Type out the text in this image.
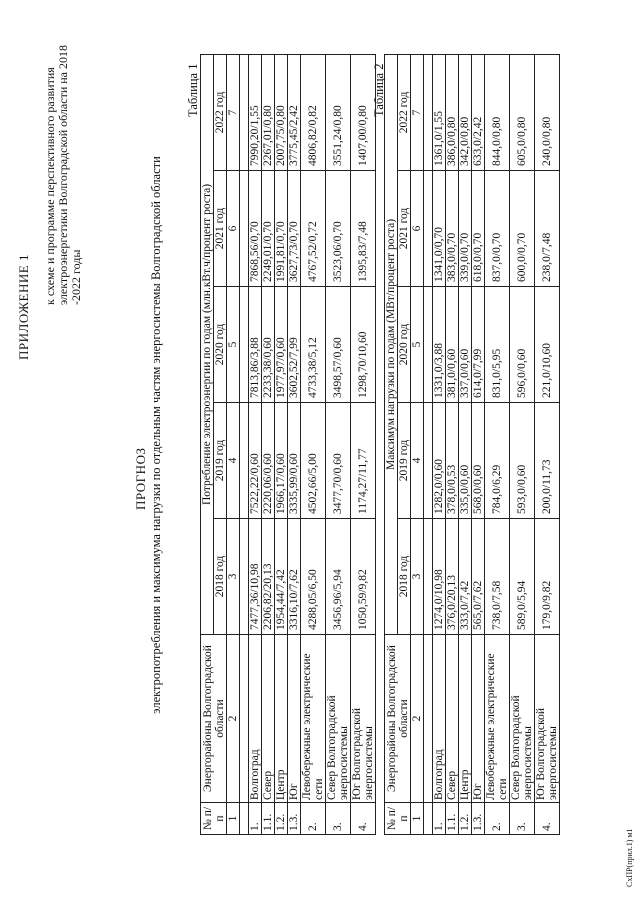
ПРИЛОЖЕНИЕ 1
к схеме и программе перспективного развития электроэнергетики Волгоградской области на 2018 -2022 годы
ПРОГНОЗ электропотребления и максимума нагрузки по отдельным частям энергосистемы Волгоградской области
Таблица 1
№ п/п	Энергорайоны Волгоградской области	Потребление электроэнергии по годам (млн.кВт.ч/процент роста)				
		2018 год	2019 год	2020 год	2021 год	2022 год
1	2	3	4	5	6	7

1.	Волгоград	7477,36/10,98	7522,22/0,60	7813,86/3,88	7868,56/0,70	7990,20/1,55
1.1.	Север	2206,82/20,13	2220,06/0,60	2233,38/0,60	2249,01/0,70	2267,01/0,80
1.2.	Центр	1954,44/7,42	1966,17/0,60	1977,97/0,60	1991,81/0,70	2007,75/0,80
1.3.	Юг	3316,10/7,62	3335,99/0,60	3602,52/7,99	3627,73/0,70	3775,45/2,42
2.	Левобережные электрические сети	4288,05/6,50	4502,66/5,00	4733,38/5,12	4767,52/0,72	4806,82/0,82
3.	Север Волгоградской энергосистемы	3456,96/5,94	3477,70/0,60	3498,57/0,60	3523,06/0,70	3551,24/0,80
4.	Юг Волгоградской энергосистемы	1050,59/9,82	1174,27/11,77	1298,70/10,60	1395,83/7,48	1407,00/0,80
Таблица 2
№ п/п	Энергорайоны Волгоградской области	Максимум нагрузки по годам (МВт/процент роста)				
		2018 год	2019 год	2020 год	2021 год	2022 год
1	2	3	4	5	6	7

1.	Волгоград	1274,0/10,98	1282,0/0,60	1331,0/3,88	1341,0/0,70	1361,0/1,55
1.1.	Север	376,0/20,13	378,0/0,53	381,0/0,60	383,0/0,70	386,0/0,80
1.2.	Центр	333,0/7,42	335,0/0,60	337,0/0,60	339,0/0,70	342,0/0,80
1.3.	Юг	565,0/7,62	568,0/0,60	614,0/7,99	618,0/0,70	633,0/2,42
2.	Левобережные электрические сети	738,0/7,58	784,0/6,29	831,0/5,95	837,0/0,70	844,0/0,80
3.	Север Волгоградской энергосистемы	589,0/5,94	593,0/0,60	596,0/0,60	600,0/0,70	605,0/0,80
4.	Юг Волгоградской энергосистемы	179,0/9,82	200,0/11,73	221,0/10,60	238,0/7,48	240,0/0,80
СхПР(прил.1) м1
